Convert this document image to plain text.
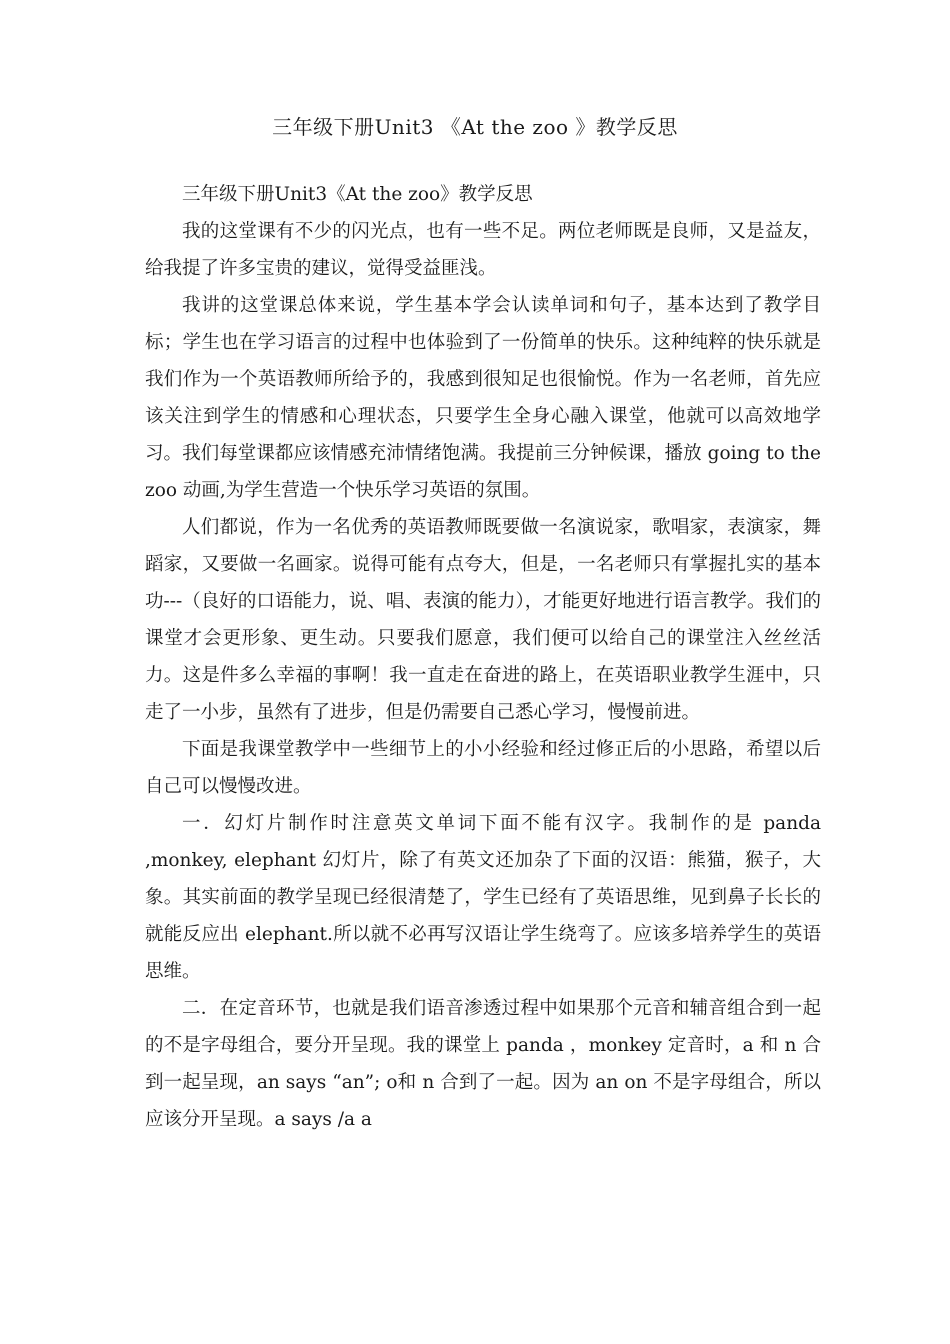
三年级下册Unit3 《At the zoo 》教学反思

三年级下册Unit3《At the zoo》教学反思

我的这堂课有不少的闪光点，也有一些不足。两位老师既是良师，又是益友，给我提了许多宝贵的建议，觉得受益匪浅。

我讲的这堂课总体来说，学生基本学会认读单词和句子，基本达到了教学目标；学生也在学习语言的过程中也体验到了一份简单的快乐。这种纯粹的快乐就是我们作为一个英语教师所给予的，我感到很知足也很愉悦。作为一名老师，首先应该关注到学生的情感和心理状态，只要学生全身心融入课堂，他就可以高效地学习。我们每堂课都应该情感充沛情绪饱满。我提前三分钟候课，播放 going to the zoo 动画,为学生营造一个快乐学习英语的氛围。

人们都说，作为一名优秀的英语教师既要做一名演说家，歌唱家，表演家，舞蹈家，又要做一名画家。说得可能有点夸大，但是，一名老师只有掌握扎实的基本功---（良好的口语能力，说、唱、表演的能力），才能更好地进行语言教学。我们的课堂才会更形象、更生动。只要我们愿意，我们便可以给自己的课堂注入丝丝活力。这是件多么幸福的事啊！我一直走在奋进的路上，在英语职业教学生涯中，只走了一小步，虽然有了进步，但是仍需要自己悉心学习，慢慢前进。

下面是我课堂教学中一些细节上的小小经验和经过修正后的小思路，希望以后自己可以慢慢改进。

一．幻灯片制作时注意英文单词下面不能有汉字。我制作的是 panda ,monkey, elephant 幻灯片，除了有英文还加杂了下面的汉语：熊猫，猴子，大象。其实前面的教学呈现已经很清楚了，学生已经有了英语思维，见到鼻子长长的就能反应出 elephant.所以就不必再写汉语让学生绕弯了。应该多培养学生的英语思维。

二．在定音环节，也就是我们语音渗透过程中如果那个元音和辅音组合到一起的不是字母组合，要分开呈现。我的课堂上 panda ，monkey 定音时，a 和 n 合到一起呈现，an says “an”; o和 n 合到了一起。因为 an on 不是字母组合，所以应该分开呈现。a says /a a
